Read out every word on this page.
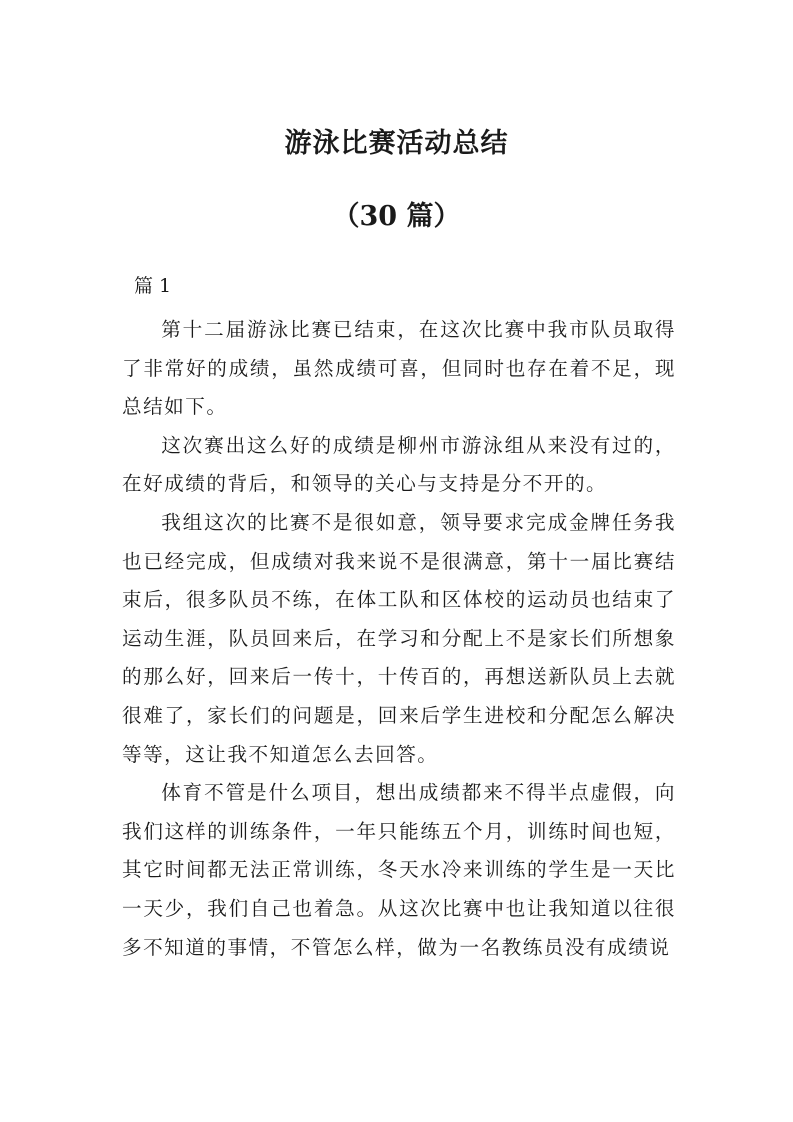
游泳比赛活动总结
（30 篇）
篇 1

第十二届游泳比赛已结束，在这次比赛中我市队员取得了非常好的成绩，虽然成绩可喜，但同时也存在着不足，现总结如下。

这次赛出这么好的成绩是柳州市游泳组从来没有过的，在好成绩的背后，和领导的关心与支持是分不开的。

我组这次的比赛不是很如意，领导要求完成金牌任务我也已经完成，但成绩对我来说不是很满意，第十一届比赛结束后，很多队员不练，在体工队和区体校的运动员也结束了运动生涯，队员回来后，在学习和分配上不是家长们所想象的那么好，回来后一传十，十传百的，再想送新队员上去就很难了，家长们的问题是，回来后学生进校和分配怎么解决等等，这让我不知道怎么去回答。

体育不管是什么项目，想出成绩都来不得半点虚假，向我们这样的训练条件，一年只能练五个月，训练时间也短，其它时间都无法正常训练，冬天水冷来训练的学生是一天比一天少，我们自己也着急。从这次比赛中也让我知道以往很多不知道的事情，不管怎么样，做为一名教练员没有成绩说
